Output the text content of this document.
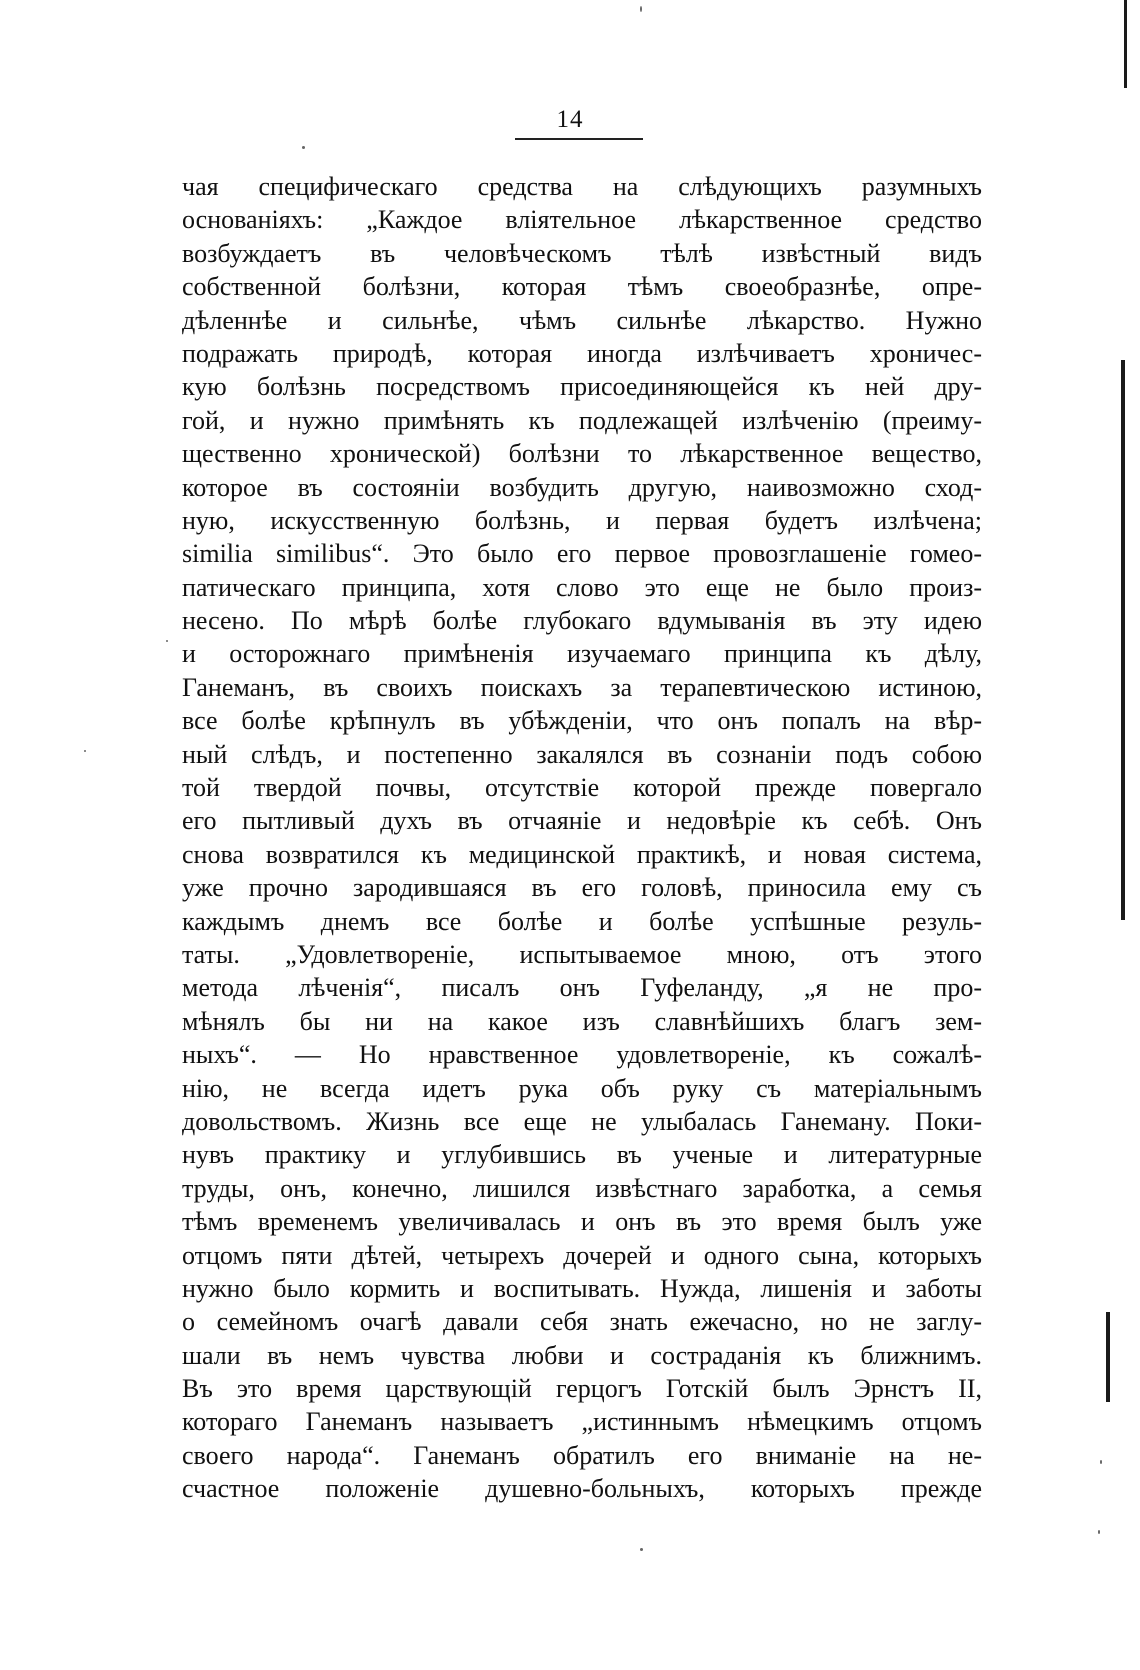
14
чая специфическаго средства на слѣдующихъ разумныхъ
основаніяхъ: „Каждое вліятельное лѣкарственное средство
возбуждаетъ въ человѣческомъ тѣлѣ извѣстный видъ
собственной болѣзни, которая тѣмъ своеобразнѣе, опре-
дѣленнѣе и сильнѣе, чѣмъ сильнѣе лѣкарство. Нужно
подражать природѣ, которая иногда излѣчиваетъ хроничес-
кую болѣзнь посредствомъ присоединяющейся къ ней дру-
гой, и нужно примѣнять къ подлежащей излѣченію (преиму-
щественно хронической) болѣзни то лѣкарственное вещество,
которое въ состояніи возбудить другую, наивозможно сход-
ную, искусственную болѣзнь, и первая будетъ излѣчена;
similia similibus“. Это было его первое провозглашеніе гомео-
патическаго принципа, хотя слово это еще не было произ-
несено. По мѣрѣ болѣе глубокаго вдумыванія въ эту идею
и осторожнаго примѣненія изучаемаго принципа къ дѣлу,
Ганеманъ, въ своихъ поискахъ за терапевтическою истиною,
все болѣе крѣпнулъ въ убѣжденіи, что онъ попалъ на вѣр-
ный слѣдъ, и постепенно закалялся въ сознаніи подъ собою
той твердой почвы, отсутствіе которой прежде повергало
его пытливый духъ въ отчаяніе и недовѣріе къ себѣ. Онъ
снова возвратился къ медицинской практикѣ, и новая система,
уже прочно зародившаяся въ его головѣ, приносила ему съ
каждымъ днемъ все болѣе и болѣе успѣшные резуль-
таты. „Удовлетвореніе, испытываемое мною, отъ этого
метода лѣченія“, писалъ онъ Гуфеланду, „я не про-
мѣнялъ бы ни на какое изъ славнѣйшихъ благъ зем-
ныхъ“. — Но нравственное удовлетвореніе, къ сожалѣ-
нію, не всегда идетъ рука объ руку съ матеріальнымъ
довольствомъ. Жизнь все еще не улыбалась Ганеману. Поки-
нувъ практику и углубившись въ ученые и литературные
труды, онъ, конечно, лишился извѣстнаго заработка, а семья
тѣмъ временемъ увеличивалась и онъ въ это время былъ уже
отцомъ пяти дѣтей, четырехъ дочерей и одного сына, которыхъ
нужно было кормить и воспитывать. Нужда, лишенія и заботы
о семейномъ очагѣ давали себя знать ежечасно, но не заглу-
шали въ немъ чувства любви и состраданія къ ближнимъ.
Въ это время царствующій герцогъ Готскій былъ Эрнстъ II,
котораго Ганеманъ называетъ „истиннымъ нѣмецкимъ отцомъ
своего народа“. Ганеманъ обратилъ его вниманіе на не-
счастное положеніе душевно-больныхъ, которыхъ прежде
